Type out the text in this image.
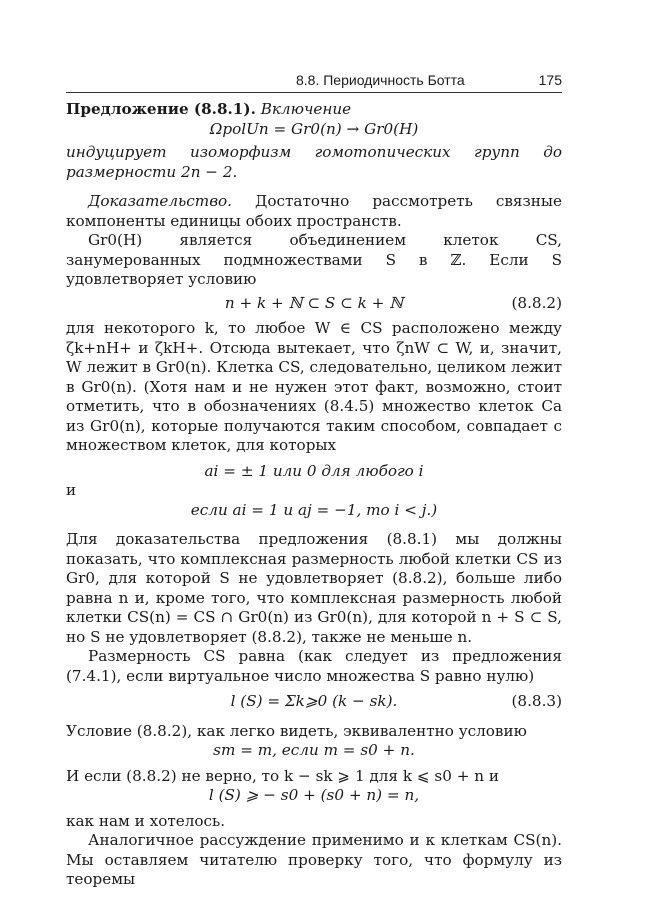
8.8. Периодичность Ботта	175

Предложение (8.8.1). Включение

ΩpolUn = Gr0(n) → Gr0(H)

индуцирует изоморфизм гомотопических групп до размерности 2n − 2.

Доказательство. Достаточно рассмотреть связные компоненты единицы обоих пространств.

Gr0(H) является объединением клеток CS, занумерованных подмножествами S в ℤ. Если S удовлетворяет условию

n + k + ℕ ⊂ S ⊂ k + ℕ	(8.8.2)

для некоторого k, то любое W ∈ CS расположено между ζk+nH+ и ζkH+. Отсюда вытекает, что ζnW ⊂ W, и, значит, W лежит в Gr0(n). Клетка CS, следовательно, целиком лежит в Gr0(n). (Хотя нам и не нужен этот факт, возможно, стоит отметить, что в обозначениях (8.4.5) множество клеток Ca из Gr0(n), которые получаются таким способом, совпадает с множеством клеток, для которых

ai = ± 1 или 0 для любого i

и

если ai = 1 и aj = −1, то i < j.)

Для доказательства предложения (8.8.1) мы должны показать, что комплексная размерность любой клетки CS из Gr0, для которой S не удовлетворяет (8.8.2), больше либо равна n и, кроме того, что комплексная размерность любой клетки CS(n) = CS ∩ Gr0(n) из Gr0(n), для которой n + S ⊂ S, но S не удовлетворяет (8.8.2), также не меньше n.

Размерность CS равна (как следует из предложения (7.4.1), если виртуальное число множества S равно нулю)

l (S) = Σk⩾0 (k − sk).	(8.8.3)

Условие (8.8.2), как легко видеть, эквивалентно условию

sm = m, если m = s0 + n.

И если (8.8.2) не верно, то k − sk ⩾ 1 для k ⩽ s0 + n и

l (S) ⩾ − s0 + (s0 + n) = n,

как нам и хотелось.

Аналогичное рассуждение применимо и к клеткам CS(n). Мы оставляем читателю проверку того, что формулу из теоремы
